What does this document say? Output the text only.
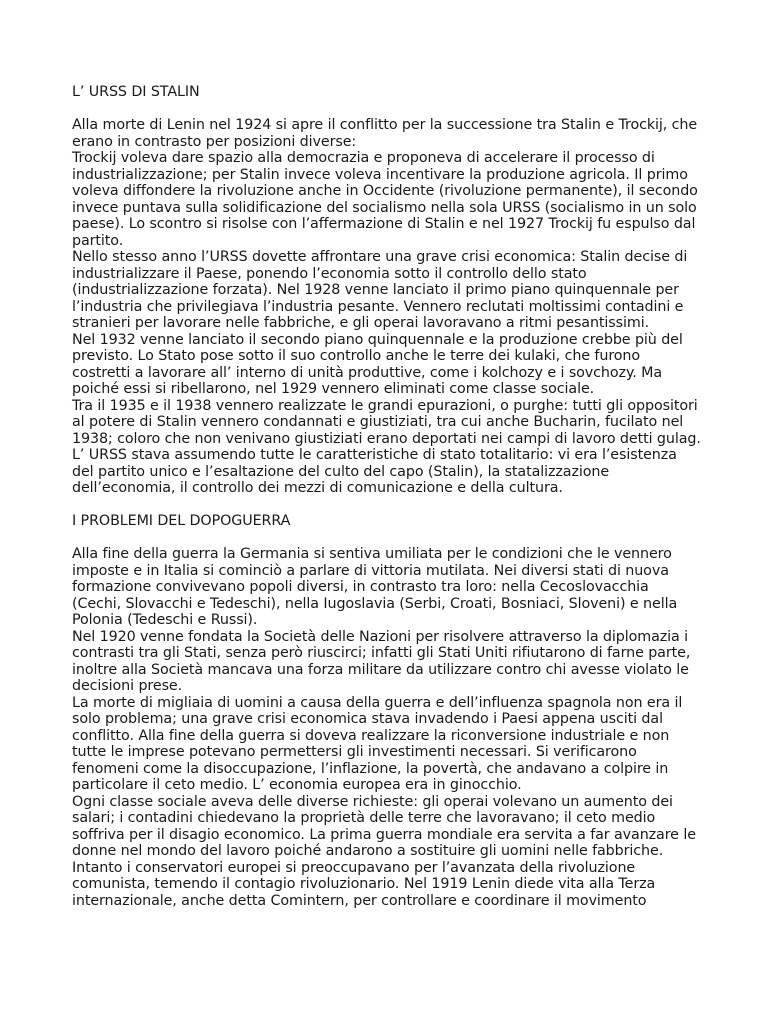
L’ URSS DI STALIN

Alla morte di Lenin nel 1924 si apre il conflitto per la successione tra Stalin e Trockij, che erano in contrasto per posizioni diverse:

Trockij voleva dare spazio alla democrazia e proponeva di accelerare il processo di industrializzazione; per Stalin invece voleva incentivare la produzione agricola. Il primo voleva diffondere la rivoluzione anche in Occidente (rivoluzione permanente), il secondo invece puntava sulla solidificazione del socialismo nella sola URSS (socialismo in un solo paese). Lo scontro si risolse con l’affermazione di Stalin e nel 1927 Trockij fu espulso dal partito.

Nello stesso anno l’URSS dovette affrontare una grave crisi economica: Stalin decise di industrializzare il Paese, ponendo l’economia sotto il controllo dello stato (industrializzazione forzata). Nel 1928 venne lanciato il primo piano quinquennale per l’industria che privilegiava l’industria pesante. Vennero reclutati moltissimi contadini e stranieri per lavorare nelle fabbriche, e gli operai lavoravano a ritmi pesantissimi.

Nel 1932 venne lanciato il secondo piano quinquennale e la produzione crebbe più del previsto. Lo Stato pose sotto il suo controllo anche le terre dei kulaki, che furono costretti a lavorare all’ interno di unità produttive, come i kolchozy e i sovchozy. Ma poiché essi si ribellarono, nel 1929 vennero eliminati come classe sociale.

Tra il 1935 e il 1938 vennero realizzate le grandi epurazioni, o purghe: tutti gli oppositori al potere di Stalin vennero condannati e giustiziati, tra cui anche Bucharin, fucilato nel 1938; coloro che non venivano giustiziati erano deportati nei campi di lavoro detti gulag.

L’ URSS stava assumendo tutte le caratteristiche di stato totalitario: vi era l’esistenza del partito unico e l’esaltazione del culto del capo (Stalin), la statalizzazione dell’economia, il controllo dei mezzi di comunicazione e della cultura.

I PROBLEMI DEL DOPOGUERRA

Alla fine della guerra la Germania si sentiva umiliata per le condizioni che le vennero imposte e in Italia si cominciò a parlare di vittoria mutilata. Nei diversi stati di nuova formazione convivevano popoli diversi, in contrasto tra loro: nella Cecoslovacchia (Cechi, Slovacchi e Tedeschi), nella Iugoslavia (Serbi, Croati, Bosniaci, Sloveni) e nella Polonia (Tedeschi e Russi).

Nel 1920 venne fondata la Società delle Nazioni per risolvere attraverso la diplomazia i contrasti tra gli Stati, senza però riuscirci; infatti gli Stati Uniti rifiutarono di farne parte, inoltre alla Società mancava una forza militare da utilizzare contro chi avesse violato le decisioni prese.

La morte di migliaia di uomini a causa della guerra e dell’influenza spagnola non era il solo problema; una grave crisi economica stava invadendo i Paesi appena usciti dal conflitto. Alla fine della guerra si doveva realizzare la riconversione industriale e non tutte le imprese potevano permettersi gli investimenti necessari. Si verificarono fenomeni come la disoccupazione, l’inflazione, la povertà, che andavano a colpire in particolare il ceto medio. L’ economia europea era in ginocchio.

Ogni classe sociale aveva delle diverse richieste: gli operai volevano un aumento dei salari; i contadini chiedevano la proprietà delle terre che lavoravano; il ceto medio soffriva per il disagio economico. La prima guerra mondiale era servita a far avanzare le donne nel mondo del lavoro poiché andarono a sostituire gli uomini nelle fabbriche.

Intanto i conservatori europei si preoccupavano per l’avanzata della rivoluzione comunista, temendo il contagio rivoluzionario. Nel 1919 Lenin diede vita alla Terza internazionale, anche detta Comintern, per controllare e coordinare il movimento
